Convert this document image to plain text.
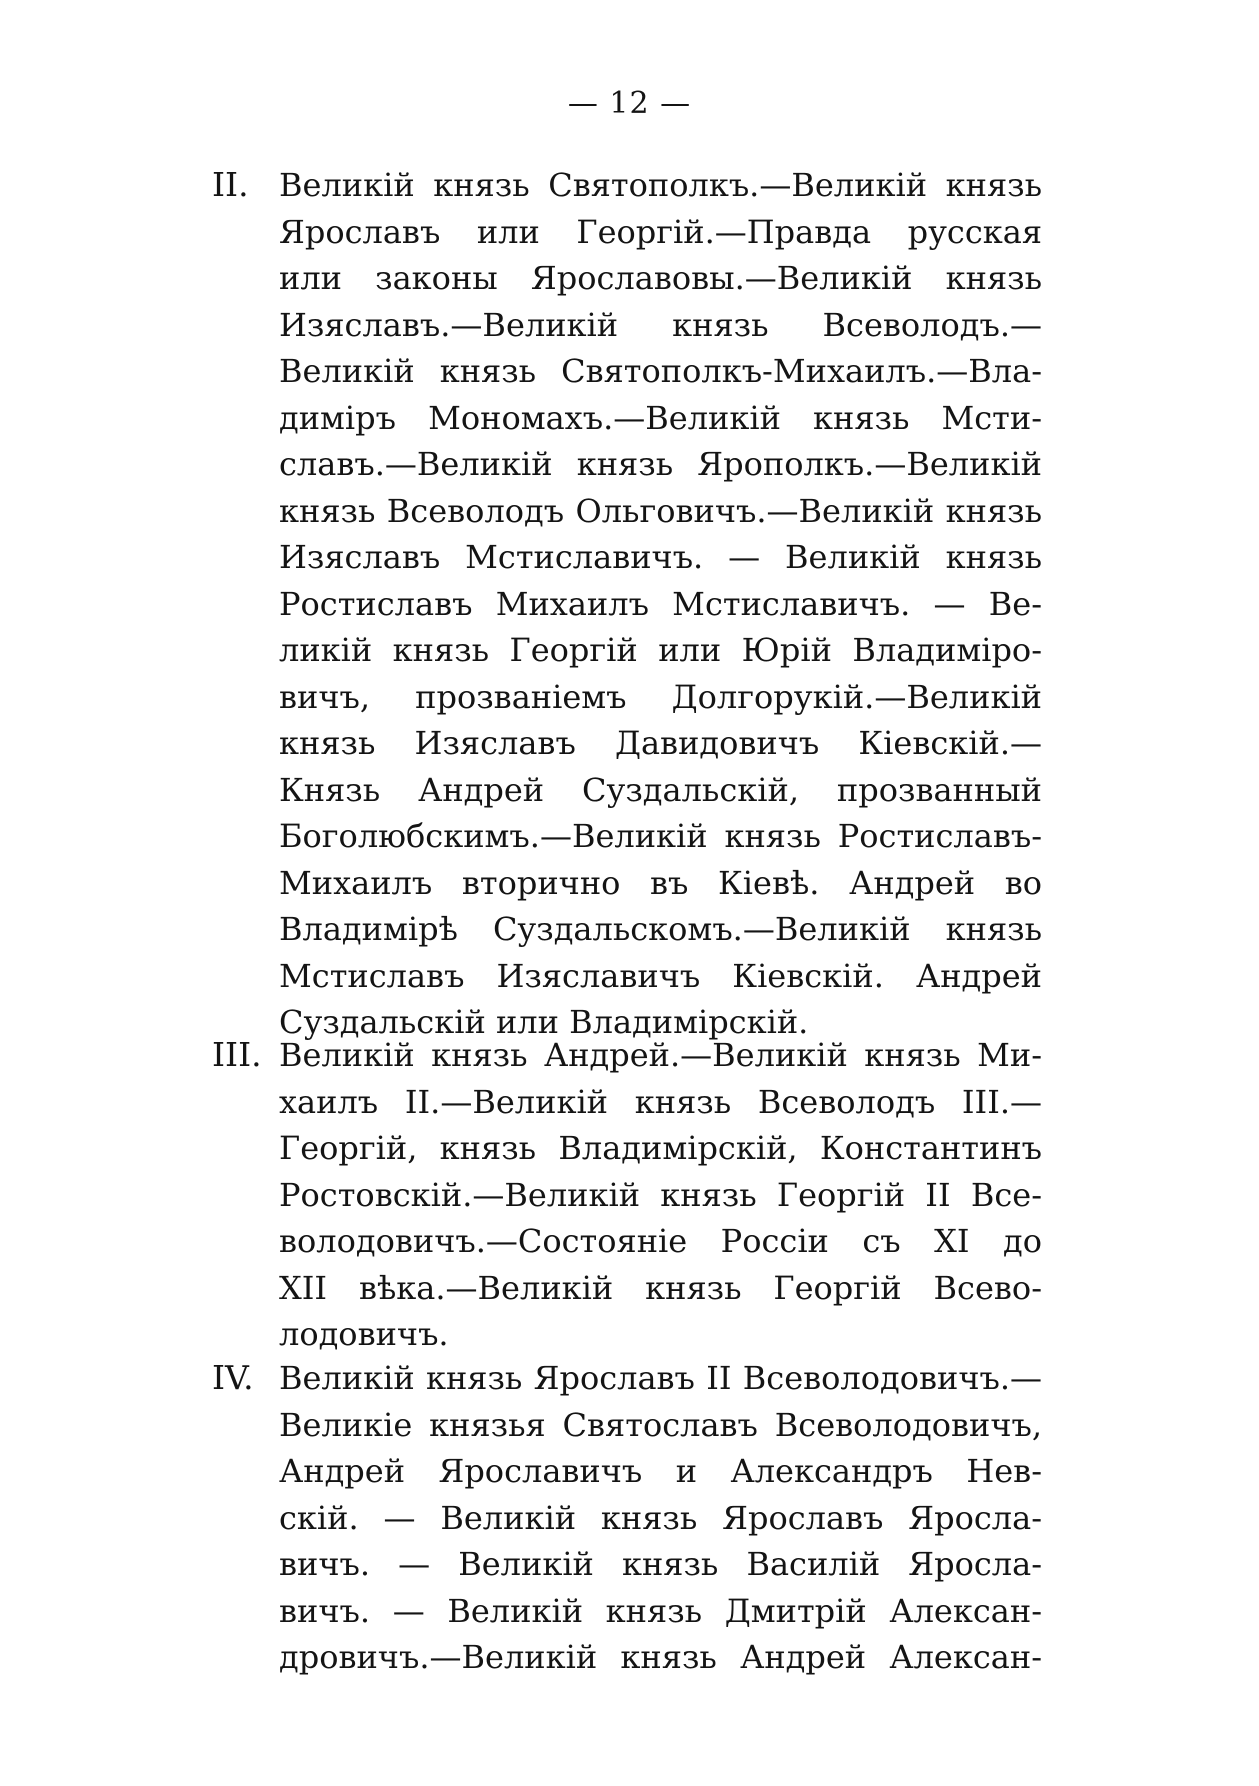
— 12 —
II. Великій князь Святополкъ.—Великій князь
Ярославъ или Георгій.—Правда русская
или законы Ярославовы.—Великій князь
Изяславъ.—Великій князь Всеволодъ.—
Великій князь Святополкъ-Михаилъ.—Вла-
диміръ Мономахъ.—Великій князь Мсти-
славъ.—Великій князь Ярополкъ.—Великій
князь Всеволодъ Ольговичъ.—Великій князь
Изяславъ Мстиславичъ. — Великій князь
Ростиславъ Михаилъ Мстиславичъ. — Ве-
ликій князь Георгій или Юрій Владиміро-
вичъ, прозваніемъ Долгорукій.—Великій
князь Изяславъ Давидовичъ Кіевскій.—
Князь Андрей Суздальскій, прозванный
Боголюбскимъ.—Великій князь Ростиславъ-
Михаилъ вторично въ Кіевѣ. Андрей во
Владимірѣ Суздальскомъ.—Великій князь
Мстиславъ Изяславичъ Кіевскій. Андрей
Суздальскій или Владимірскій.
III. Великій князь Андрей.—Великій князь Ми-
хаилъ II.—Великій князь Всеволодъ III.—
Георгій, князь Владимірскій, Константинъ
Ростовскій.—Великій князь Георгій II Все-
володовичъ.—Состояніе Россіи съ XI до
XII вѣка.—Великій князь Георгій Всево-
лодовичъ.
IV. Великій князь Ярославъ II Всеволодовичъ.—
Великіе князья Святославъ Всеволодовичъ,
Андрей Ярославичъ и Александръ Нев-
скій. — Великій князь Ярославъ Яросла-
вичъ. — Великій князь Василій Яросла-
вичъ. — Великій князь Дмитрій Алексан-
дровичъ.—Великій князь Андрей Алексан-
